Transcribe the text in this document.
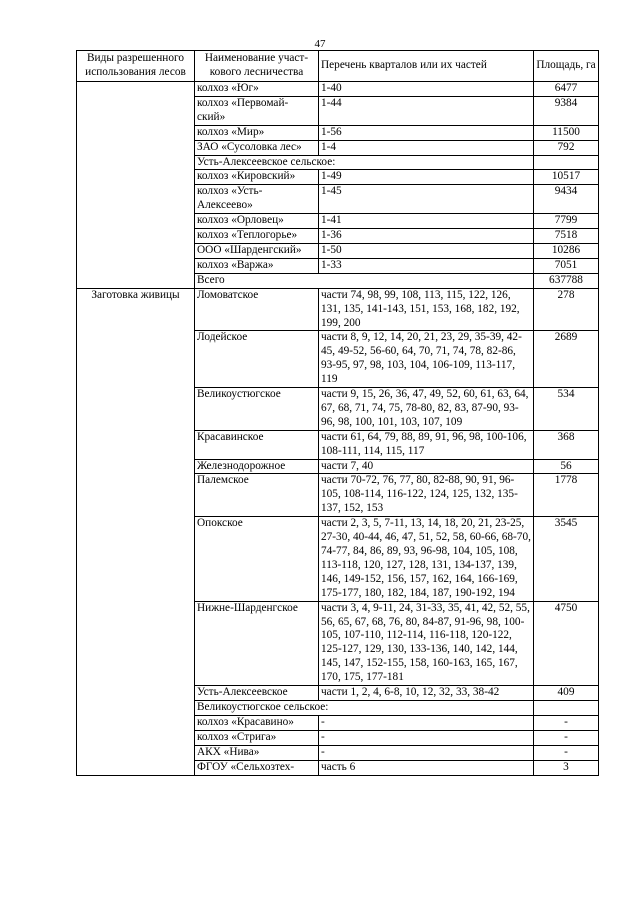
47
Виды разрешенного использования лесов	Наименование участ-кового лесничества	Перечень кварталов или их частей	Площадь, га
	колхоз «Юг»	1-40	6477
	колхоз «Первомай-ский»	1-44	9384
	колхоз «Мир»	1-56	11500
	ЗАО «Сусоловка лес»	1-4	792
	Усть-Алексеевское сельское:		
	колхоз «Кировский»	1-49	10517
	колхоз «Усть-Алексеево»	1-45	9434
	колхоз «Орловец»	1-41	7799
	колхоз «Теплогорье»	1-36	7518
	ООО «Шарденгский»	1-50	10286
	колхоз «Варжа»	1-33	7051
	Всего		637788
Заготовка живицы	Ломоватское	части 74, 98, 99, 108, 113, 115, 122, 126, 131, 135, 141-143, 151, 153, 168, 182, 192, 199, 200	278
	Лодейское	части 8, 9, 12, 14, 20, 21, 23, 29, 35-39, 42-45, 49-52, 56-60, 64, 70, 71, 74, 78, 82-86, 93-95, 97, 98, 103, 104, 106-109, 113-117, 119	2689
	Великоустюгское	части 9, 15, 26, 36, 47, 49, 52, 60, 61, 63, 64, 67, 68, 71, 74, 75, 78-80, 82, 83, 87-90, 93-96, 98, 100, 101, 103, 107, 109	534
	Красавинское	части 61, 64, 79, 88, 89, 91, 96, 98, 100-106, 108-111, 114, 115, 117	368
	Железнодорожное	части 7, 40	56
	Палемское	части 70-72, 76, 77, 80, 82-88, 90, 91, 96-105, 108-114, 116-122, 124, 125, 132, 135-137, 152, 153	1778
	Опокское	части 2, 3, 5, 7-11, 13, 14, 18, 20, 21, 23-25, 27-30, 40-44, 46, 47, 51, 52, 58, 60-66, 68-70, 74-77, 84, 86, 89, 93, 96-98, 104, 105, 108, 113-118, 120, 127, 128, 131, 134-137, 139, 146, 149-152, 156, 157, 162, 164, 166-169, 175-177, 180, 182, 184, 187, 190-192, 194	3545
	Нижне-Шарденгское	части 3, 4, 9-11, 24, 31-33, 35, 41, 42, 52, 55, 56, 65, 67, 68, 76, 80, 84-87, 91-96, 98, 100-105, 107-110, 112-114, 116-118, 120-122, 125-127, 129, 130, 133-136, 140, 142, 144, 145, 147, 152-155, 158, 160-163, 165, 167, 170, 175, 177-181	4750
	Усть-Алексеевское	части 1, 2, 4, 6-8, 10, 12, 32, 33, 38-42	409
	Великоустюгское сельское:		
	колхоз «Красавино»	-	-
	колхоз «Стрига»	-	-
	АКХ «Нива»	-	-
	ФГОУ «Сельхозтех-	часть 6	3
